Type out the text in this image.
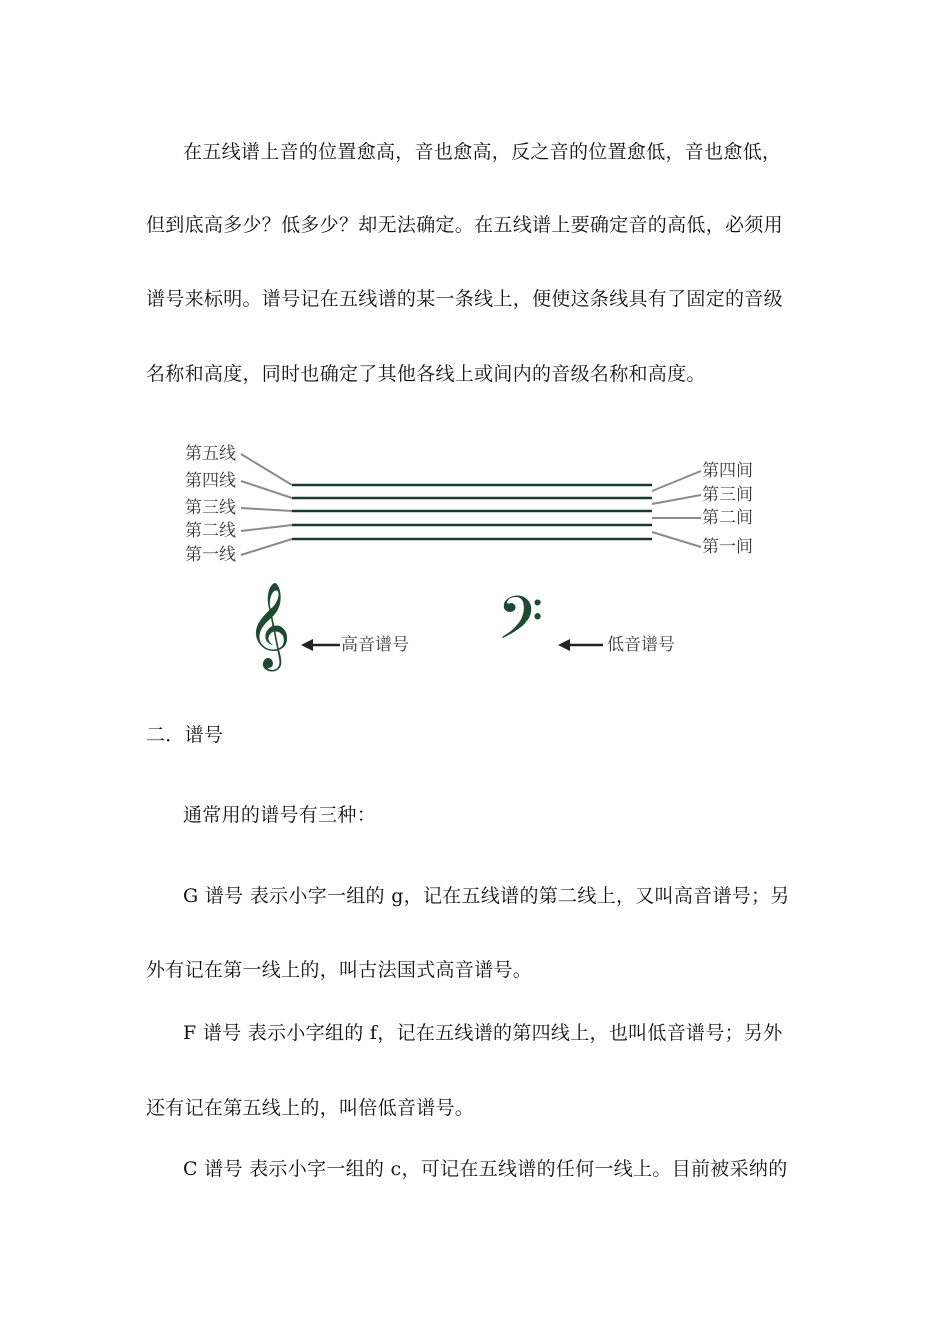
在五线谱上音的位置愈高，音也愈高，反之音的位置愈低，音也愈低，
但到底高多少？低多少？却无法确定。在五线谱上要确定音的高低，必须用
谱号来标明。谱号记在五线谱的某一条线上，便使这条线具有了固定的音级
名称和高度，同时也确定了其他各线上或间内的音级名称和高度。
第五线
第四线
第三线
第二线
第一线
第四间
第三间
第二间
第一间
𝄞	高音谱号 𝄢	低音谱号
二．谱号
通常用的谱号有三种：
G 谱号 表示小字一组的 g，记在五线谱的第二线上，又叫高音谱号；另
外有记在第一线上的，叫古法国式高音谱号。
F 谱号 表示小字组的 f，记在五线谱的第四线上，也叫低音谱号；另外
还有记在第五线上的，叫倍低音谱号。
C 谱号 表示小字一组的 c，可记在五线谱的任何一线上。目前被采纳的
